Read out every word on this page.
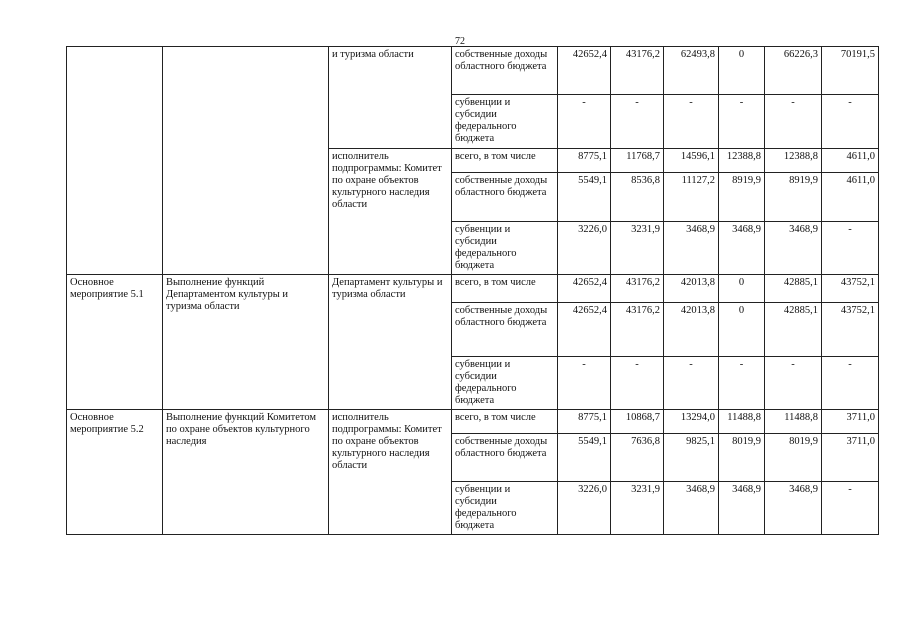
72
		и туризма области	собственные доходы областного бюджета	42652,4	43176,2	62493,8	0	66226,3	70191,5
			субвенции и субсидии федерального бюджета	-	-	-	-	-	-
		исполнитель подпрограммы: Комитет по охране объектов культурного наследия области	всего, в том числе	8775,1	11768,7	14596,1	12388,8	12388,8	4611,0
			собственные доходы областного бюджета	5549,1	8536,8	11127,2	8919,9	8919,9	4611,0
			субвенции и субсидии федерального бюджета	3226,0	3231,9	3468,9	3468,9	3468,9	-
Основное мероприятие 5.1	Выполнение функций Департаментом культуры и туризма области	Департамент культуры и туризма области	всего, в том числе	42652,4	43176,2	42013,8	0	42885,1	43752,1
			собственные доходы областного бюджета	42652,4	43176,2	42013,8	0	42885,1	43752,1
			субвенции и субсидии федерального бюджета	-	-	-	-	-	-
Основное мероприятие 5.2	Выполнение функций Комитетом по охране объектов культурного наследия	исполнитель подпрограммы: Комитет по охране объектов культурного наследия области	всего, в том числе	8775,1	10868,7	13294,0	11488,8	11488,8	3711,0
			собственные доходы областного бюджета	5549,1	7636,8	9825,1	8019,9	8019,9	3711,0
			субвенции и субсидии федерального бюджета	3226,0	3231,9	3468,9	3468,9	3468,9	-
